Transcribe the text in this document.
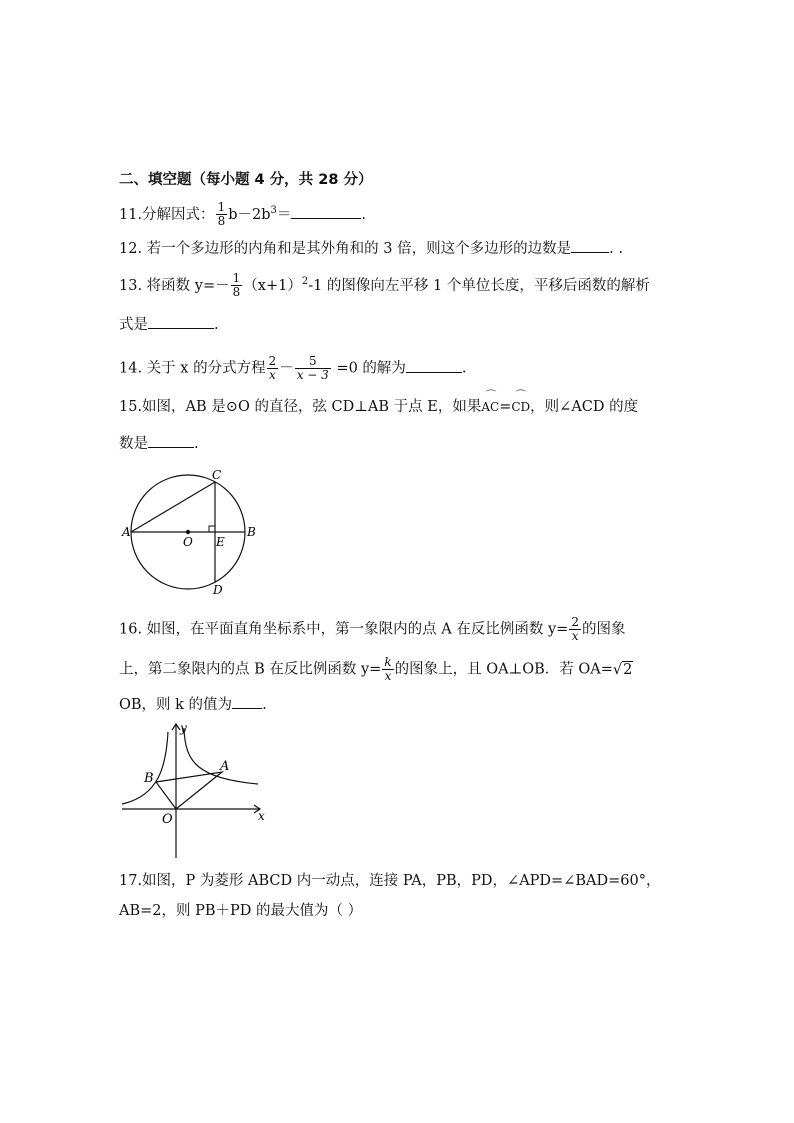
二、填空题（每小题 4 分，共 28 分）
11.分解因式： $\frac{1}{8} b-2b^3=$	.
12. 若一个多边形的内角和是其外角和的 3 倍，则这个多边形的边数是	. .
13. 将函数 $y=- \frac{1}{8} (x+1)^2-1$ 的图像向左平移 1 个单位长度，平移后函数的解析
式是	.
14. 关于 x 的分式方程 $\frac{2}{x} - \frac{5}{x - 3} =0$ 的解为	.
15.如图，AB 是⊙O 的直径，弦 CD⊥AB 于点 E，如果⌒ AC=⌒ CD，则∠ACD 的度
数是	.
A	B
C
D
E
O
16. 如图，在平面直角坐标系中，第一象限内的点 A 在反比例函数 $y= \frac{2}{x}$ 的图象
上，第二象限内的点 B 在反比例函数 $y= \frac{k}{x}$ 的图象上，且 OA⊥OB．若 OA=√2
OB，则 k 的值为 .
y
x
O
A
B
17.如图，P 为菱形 ABCD 内一动点，连接 PA，PB，PD，∠APD=∠BAD=60°，
AB=2，则 PB＋PD 的最大值为（ ）
